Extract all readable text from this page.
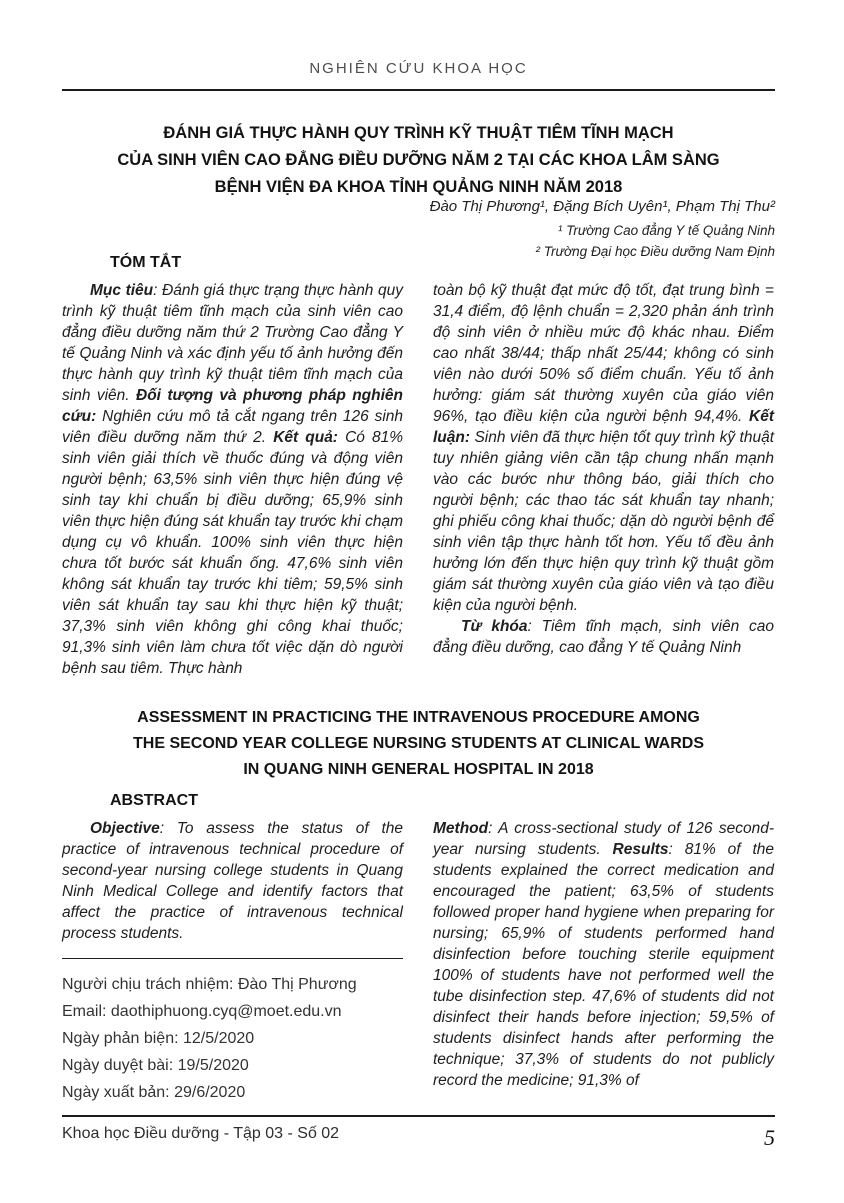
NGHIÊN CỨU KHOA HỌC
ĐÁNH GIÁ THỰC HÀNH QUY TRÌNH KỸ THUẬT TIÊM TĨNH MẠCH
CỦA SINH VIÊN CAO ĐẲNG ĐIỀU DƯỠNG NĂM 2 TẠI CÁC KHOA LÂM SÀNG
BỆNH VIỆN ĐA KHOA TỈNH QUẢNG NINH NĂM 2018
Đào Thị Phương¹, Đặng Bích Uyên¹, Phạm Thị Thu²
¹ Trường Cao đẳng Y tế Quảng Ninh
² Trường Đại học Điều dưỡng Nam Định
TÓM TẮT

Mục tiêu: Đánh giá thực trạng thực hành quy trình kỹ thuật tiêm tĩnh mạch của sinh viên cao đẳng điều dưỡng năm thứ 2 Trường Cao đẳng Y tế Quảng Ninh và xác định yếu tố ảnh hưởng đến thực hành quy trình kỹ thuật tiêm tĩnh mạch của sinh viên. Đối tượng và phương pháp nghiên cứu: Nghiên cứu mô tả cắt ngang trên 126 sinh viên điều dưỡng năm thứ 2. Kết quả: Có 81% sinh viên giải thích về thuốc đúng và động viên người bệnh; 63,5% sinh viên thực hiện đúng vệ sinh tay khi chuẩn bị điều dưỡng; 65,9% sinh viên thực hiện đúng sát khuẩn tay trước khi chạm dụng cụ vô khuẩn. 100% sinh viên thực hiện chưa tốt bước sát khuẩn ống. 47,6% sinh viên không sát khuẩn tay trước khi tiêm; 59,5% sinh viên sát khuẩn tay sau khi thực hiện kỹ thuật; 37,3% sinh viên không ghi công khai thuốc; 91,3% sinh viên làm chưa tốt việc dặn dò người bệnh sau tiêm. Thực hành

toàn bộ kỹ thuật đạt mức độ tốt, đạt trung bình = 31,4 điểm, độ lệnh chuẩn = 2,320 phản ánh trình độ sinh viên ở nhiều mức độ khác nhau. Điểm cao nhất 38/44; thấp nhất 25/44; không có sinh viên nào dưới 50% số điểm chuẩn. Yếu tố ảnh hưởng: giám sát thường xuyên của giáo viên 96%, tạo điều kiện của người bệnh 94,4%. Kết luận: Sinh viên đã thực hiện tốt quy trình kỹ thuật tuy nhiên giảng viên cần tập chung nhấn mạnh vào các bước như thông báo, giải thích cho người bệnh; các thao tác sát khuẩn tay nhanh; ghi phiếu công khai thuốc; dặn dò người bệnh để sinh viên tập thực hành tốt hơn. Yếu tố đều ảnh hưởng lớn đến thực hiện quy trình kỹ thuật gồm giám sát thường xuyên của giáo viên và tạo điều kiện của người bệnh.

Từ khóa: Tiêm tĩnh mạch, sinh viên cao đẳng điều dưỡng, cao đẳng Y tế Quảng Ninh

ASSESSMENT IN PRACTICING THE INTRAVENOUS PROCEDURE AMONG
THE SECOND YEAR COLLEGE NURSING STUDENTS AT CLINICAL WARDS
IN QUANG NINH GENERAL HOSPITAL IN 2018
ABSTRACT

Objective: To assess the status of the practice of intravenous technical procedure of second-year nursing college students in Quang Ninh Medical College and identify factors that affect the practice of intravenous technical process students.

Người chịu trách nhiệm: Đào Thị Phương
Email: daothiphuong.cyq@moet.edu.vn
Ngày phản biện: 12/5/2020
Ngày duyệt bài: 19/5/2020
Ngày xuất bản: 29/6/2020

Method: A cross-sectional study of 126 second-year nursing students. Results: 81% of the students explained the correct medication and encouraged the patient; 63,5% of students followed proper hand hygiene when preparing for nursing; 65,9% of students performed hand disinfection before touching sterile equipment 100% of students have not performed well the tube disinfection step. 47,6% of students did not disinfect their hands before injection; 59,5% of students disinfect hands after performing the technique; 37,3% of students do not publicly record the medicine; 91,3% of

Khoa học Điều dưỡng - Tập 03 - Số 02	5
